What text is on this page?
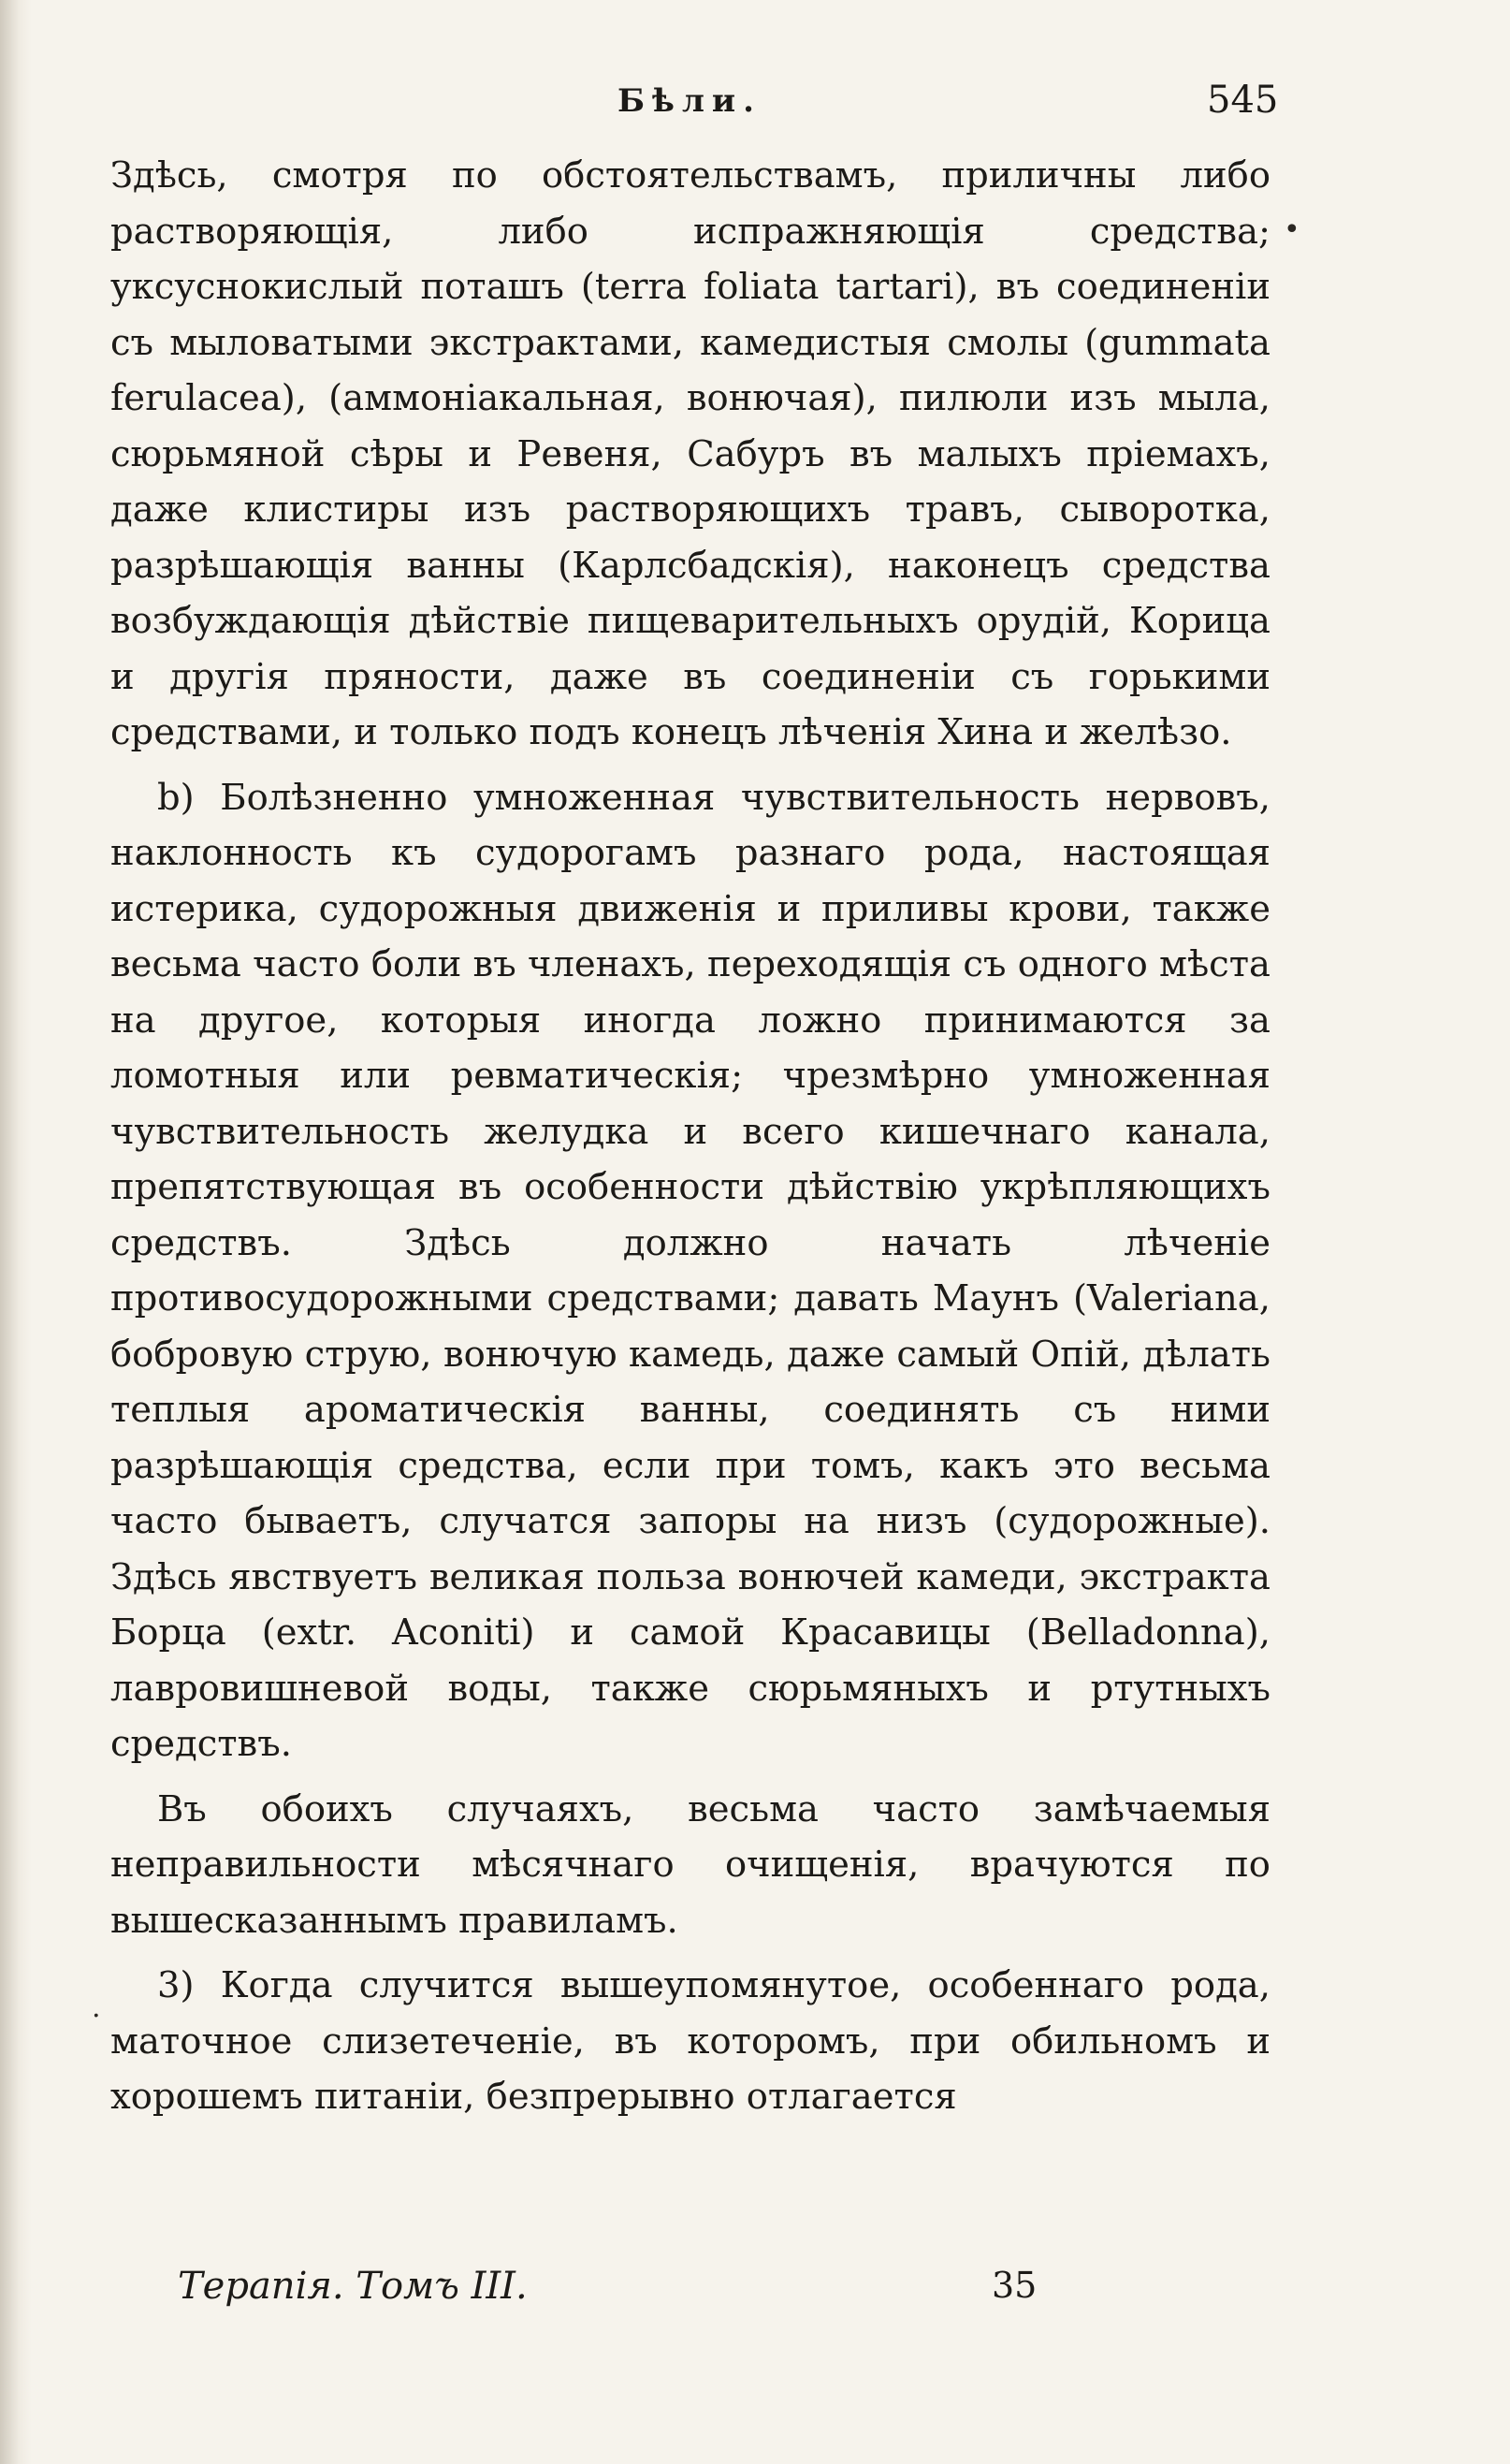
Бѣли.	545

Здѣсь, смотря по обстоятельствамъ, приличны либо растворяющія, либо испражняющія средства; уксуснокислый поташъ (terra foliata tartari), въ соединеніи съ мыловатыми экстрактами, камедистыя смолы (gummata ferulacea), (аммоніакальная, вонючая), пилюли изъ мыла, сюрьмяной сѣры и Ревеня, Сабуръ въ малыхъ пріемахъ, даже клистиры изъ растворяющихъ травъ, сыворотка, разрѣшающія ванны (Карлсбадскія), наконецъ средства возбуждающія дѣйствіе пищеварительныхъ орудій, Корица и другія пряности, даже въ соединеніи съ горькими средствами, и только подъ конецъ лѣченія Хина и желѣзо.

b) Болѣзненно умноженная чувствительность нервовъ, наклонность къ судорогамъ разнаго рода, настоящая истерика, судорожныя движенія и приливы крови, также весьма часто боли въ членахъ, переходящія съ одного мѣста на другое, которыя иногда ложно принимаются за ломотныя или ревматическія; чрезмѣрно умноженная чувствительность желудка и всего кишечнаго канала, препятствующая въ особенности дѣйствію укрѣпляющихъ средствъ. Здѣсь должно начать лѣченіе противосудорожными средствами; давать Маунъ (Valeriana, бобровую струю, вонючую камедь, даже самый Опій, дѣлать теплыя ароматическія ванны, соединять съ ними разрѣшающія средства, если при томъ, какъ это весьма часто бываетъ, случатся запоры на низъ (судорожные). Здѣсь явствуетъ великая польза вонючей камеди, экстракта Борца (extr. Aconiti) и самой Красавицы (Belladonna), лавровишневой воды, также сюрьмяныхъ и ртутныхъ средствъ.

Въ обоихъ случаяхъ, весьма часто замѣчаемыя неправильности мѣсячнаго очищенія, врачуются по вышесказаннымъ правиламъ.

3) Когда случится вышеупомянутое, особеннаго рода, маточное слизетеченіе, въ которомъ, при обильномъ и хорошемъ питаніи, безпрерывно отлагается

•
.
Терапія. Томъ III.	35
